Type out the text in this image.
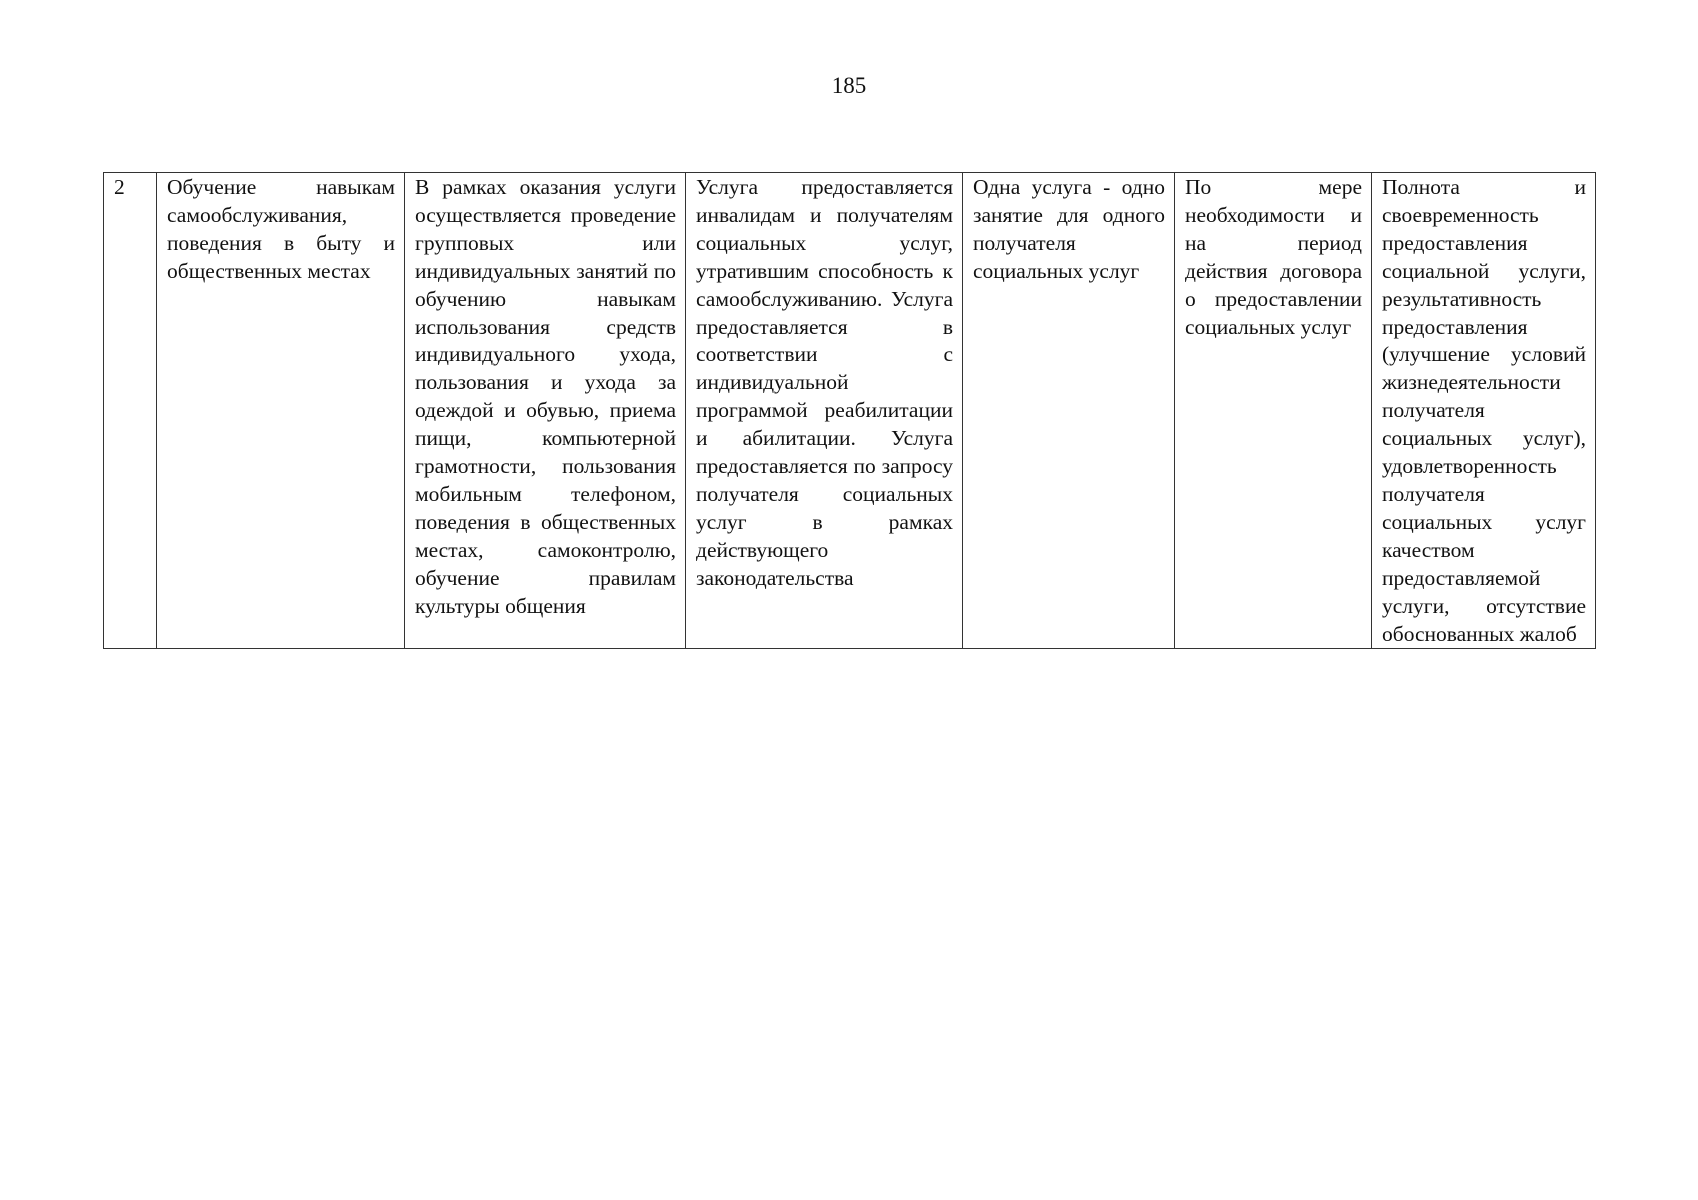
185
2	Обучение навыкам самообслуживания, поведения в быту и общественных местах	В рамках оказания услуги осуществляется проведение групповых или индивидуальных занятий по обучению навыкам использования средств индивидуального ухода, пользования и ухода за одеждой и обувью, приема пищи, компьютерной грамотности, пользования мобильным телефоном, поведения в общественных местах, самоконтролю, обучение правилам культуры общения	Услуга предоставляется инвалидам и получателям социальных услуг, утратившим способность к самообслуживанию. Услуга предоставляется в соответствии с индивидуальной программой реабилитации и абилитации. Услуга предоставляется по запросу получателя социальных услуг в рамках действующего законодательства	Одна услуга - одно занятие для одного получателя социальных услуг	По мере необходимости и на период действия договора о предоставлении социальных услуг	Полнота и своевременность предоставления социальной услуги, результативность предоставления (улучшение условий жизнедеятельности получателя социальных услуг), удовлетворенность получателя социальных услуг качеством предоставляемой услуги, отсутствие обоснованных жалоб
